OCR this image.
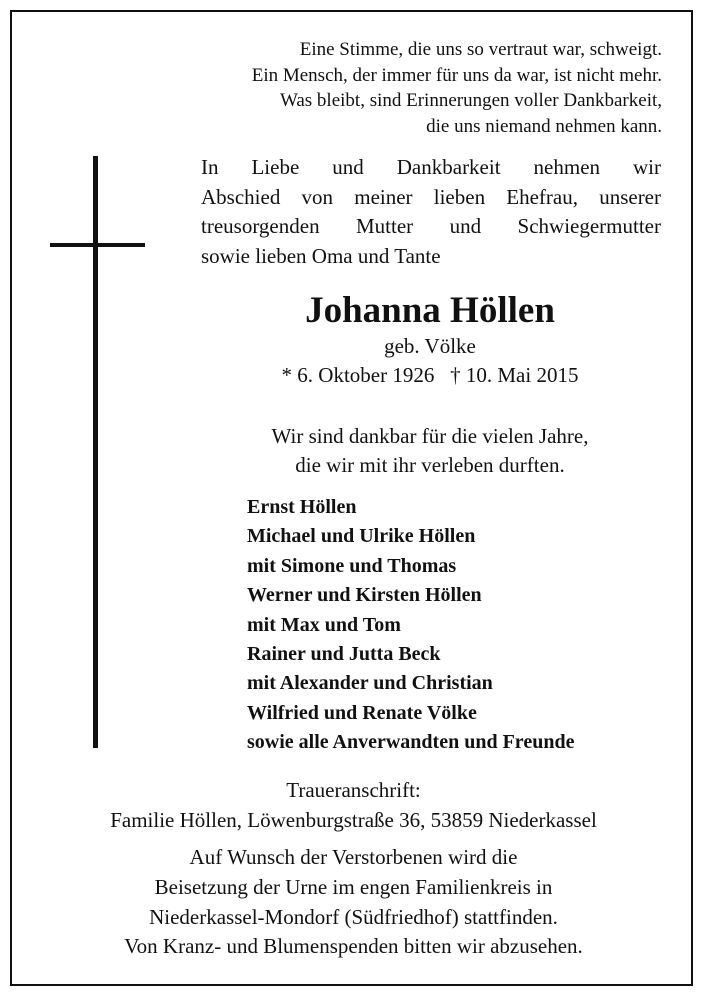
Eine Stimme, die uns so vertraut war, schweigt.
Ein Mensch, der immer für uns da war, ist nicht mehr.
Was bleibt, sind Erinnerungen voller Dankbarkeit,
die uns niemand nehmen kann.
In Liebe und Dankbarkeit nehmen wir
Abschied von meiner lieben Ehefrau, unserer
treusorgenden Mutter und Schwiegermutter
sowie lieben Oma und Tante
Johanna Höllen
geb. Völke
* 6. Oktober 1926   † 10. Mai 2015
Wir sind dankbar für die vielen Jahre,
die wir mit ihr verleben durften.
Ernst Höllen
Michael und Ulrike Höllen
mit Simone und Thomas
Werner und Kirsten Höllen
mit Max und Tom
Rainer und Jutta Beck
mit Alexander und Christian
Wilfried und Renate Völke
sowie alle Anverwandten und Freunde
Traueranschrift:
Familie Höllen, Löwenburgstraße 36, 53859 Niederkassel
Auf Wunsch der Verstorbenen wird die
Beisetzung der Urne im engen Familienkreis in
Niederkassel-Mondorf (Südfriedhof) stattfinden.
Von Kranz- und Blumenspenden bitten wir abzusehen.
